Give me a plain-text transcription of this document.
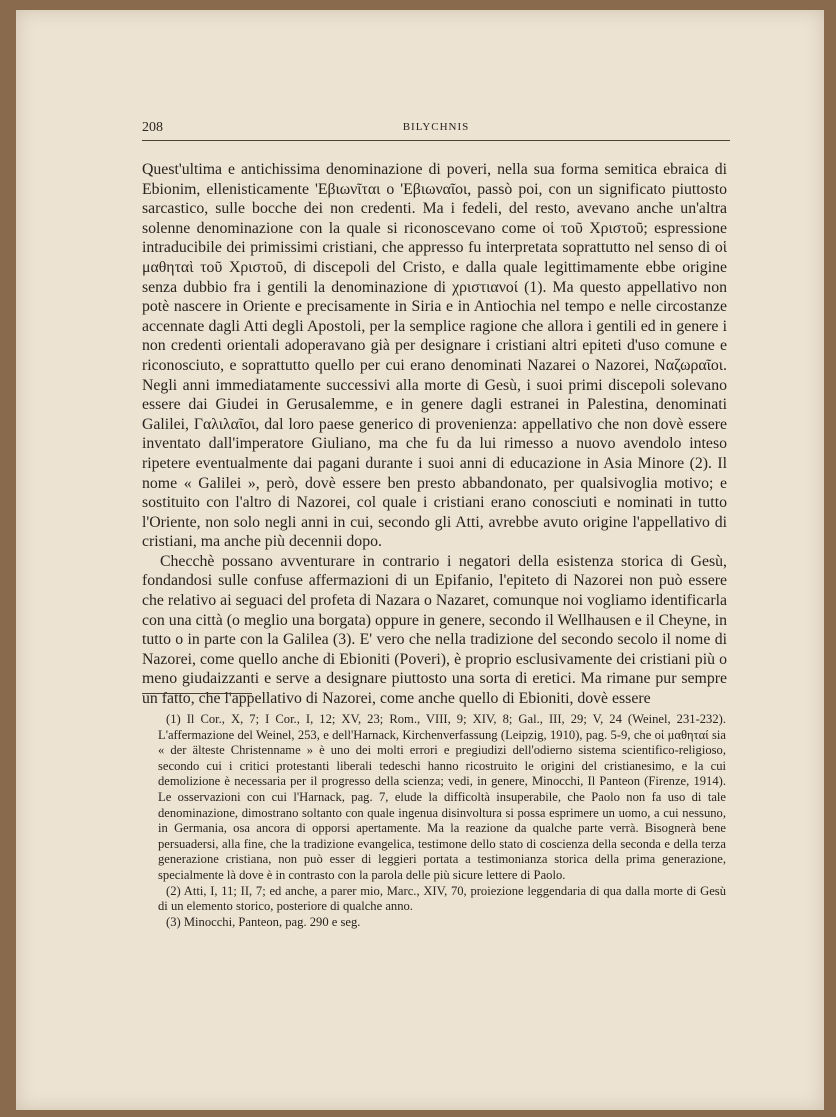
208	BILYCHNIS

Quest'ultima e antichissima denominazione di poveri, nella sua forma semitica ebraica di Ebionim, ellenisticamente 'Εβιωνῖται o 'Εβιωναῖοι, passò poi, con un significato piuttosto sarcastico, sulle bocche dei non credenti. Ma i fedeli, del resto, avevano anche un'altra solenne denominazione con la quale si riconoscevano come οἱ τοῦ Χριστοῦ; espressione intraducibile dei primissimi cristiani, che appresso fu interpretata soprattutto nel senso di οἱ μαθηταὶ τοῦ Χριστοῦ, di discepoli del Cristo, e dalla quale legittimamente ebbe origine senza dubbio fra i gentili la denominazione di χριστιανοί (1). Ma questo appellativo non potè nascere in Oriente e precisamente in Siria e in Antiochia nel tempo e nelle circostanze accennate dagli Atti degli Apostoli, per la semplice ragione che allora i gentili ed in genere i non credenti orientali adoperavano già per designare i cristiani altri epiteti d'uso comune e riconosciuto, e soprattutto quello per cui erano denominati Nazarei o Nazorei, Ναζωραῖοι. Negli anni immediatamente successivi alla morte di Gesù, i suoi primi discepoli solevano essere dai Giudei in Gerusalemme, e in genere dagli estranei in Palestina, denominati Galilei, Γαλιλαῖοι, dal loro paese generico di provenienza: appellativo che non dovè essere inventato dall'imperatore Giuliano, ma che fu da lui rimesso a nuovo avendolo inteso ripetere eventualmente dai pagani durante i suoi anni di educazione in Asia Minore (2). Il nome « Galilei », però, dovè essere ben presto abbandonato, per qualsivoglia motivo; e sostituito con l'altro di Nazorei, col quale i cristiani erano conosciuti e nominati in tutto l'Oriente, non solo negli anni in cui, secondo gli Atti, avrebbe avuto origine l'appellativo di cristiani, ma anche più decennii dopo.

Checchè possano avventurare in contrario i negatori della esistenza storica di Gesù, fondandosi sulle confuse affermazioni di un Epifanio, l'epiteto di Nazorei non può essere che relativo ai seguaci del profeta di Nazara o Nazaret, comunque noi vogliamo identificarla con una città (o meglio una borgata) oppure in genere, secondo il Wellhausen e il Cheyne, in tutto o in parte con la Galilea (3). E' vero che nella tradizione del secondo secolo il nome di Nazorei, come quello anche di Ebioniti (Poveri), è proprio esclusivamente dei cristiani più o meno giudaizzanti e serve a designare piuttosto una sorta di eretici. Ma rimane pur sempre un fatto, che l'appellativo di Nazorei, come anche quello di Ebioniti, dovè essere

(1) Il Cor., X, 7; I Cor., I, 12; XV, 23; Rom., VIII, 9; XIV, 8; Gal., III, 29; V, 24 (Weinel, 231-232). L'affermazione del Weinel, 253, e dell'Harnack, Kirchenverfassung (Leipzig, 1910), pag. 5-9, che οἱ μαθηταί sia « der älteste Christenname » è uno dei molti errori e pregiudizi dell'odierno sistema scientifico-religioso, secondo cui i critici protestanti liberali tedeschi hanno ricostruito le origini del cristianesimo, e la cui demolizione è necessaria per il progresso della scienza; vedi, in genere, Minocchi, Il Panteon (Firenze, 1914). Le osservazioni con cui l'Harnack, pag. 7, elude la difficoltà insuperabile, che Paolo non fa uso di tale denominazione, dimostrano soltanto con quale ingenua disinvoltura si possa esprimere un uomo, a cui nessuno, in Germania, osa ancora di opporsi apertamente. Ma la reazione da qualche parte verrà. Bisognerà bene persuadersi, alla fine, che la tradizione evangelica, testimone dello stato di coscienza della seconda e della terza generazione cristiana, non può esser di leggieri portata a testimonianza storica della prima generazione, specialmente là dove è in contrasto con la parola delle più sicure lettere di Paolo.

(2) Atti, I, 11; II, 7; ed anche, a parer mio, Marc., XIV, 70, proiezione leggendaria di qua dalla morte di Gesù di un elemento storico, posteriore di qualche anno.

(3) Minocchi, Panteon, pag. 290 e seg.
